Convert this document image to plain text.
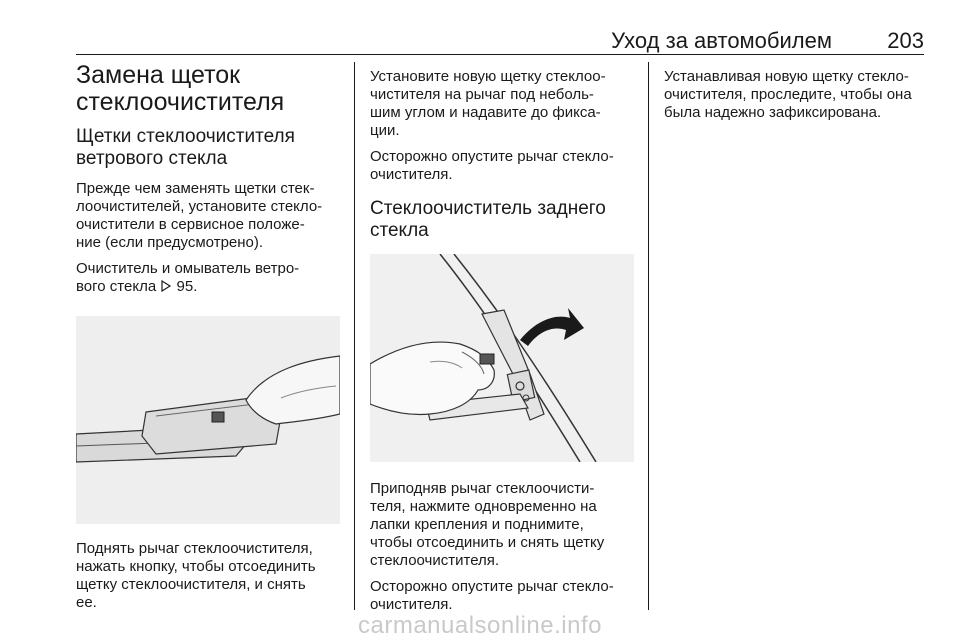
Уход за автомобилем	203
Замена щеток
стеклоочистителя
Щетки стеклоочистителя
ветрового стекла

Прежде чем заменять щетки стек-
лоочистителей, установите стекло-
очистители в сервисное положе-
ние (если предусмотрено).

Очиститель и омыватель ветро-
вого стекла 95.

Поднять рычаг стеклоочистителя,
нажать кнопку, чтобы отсоединить
щетку стеклоочистителя, и снять
ее.

Установите новую щетку стеклоо-
чистителя на рычаг под неболь-
шим углом и надавите до фикса-
ции.

Осторожно опустите рычаг стекло-
очистителя.

Стеклоочиститель заднего
стекла

Приподняв рычаг стеклоочисти-
теля, нажмите одновременно на
лапки крепления и поднимите,
чтобы отсоединить и снять щетку
стеклоочистителя.

Осторожно опустите рычаг стекло-
очистителя.

Устанавливая новую щетку стекло-
очистителя, проследите, чтобы она
была надежно зафиксирована.

carmanualsonline.info
